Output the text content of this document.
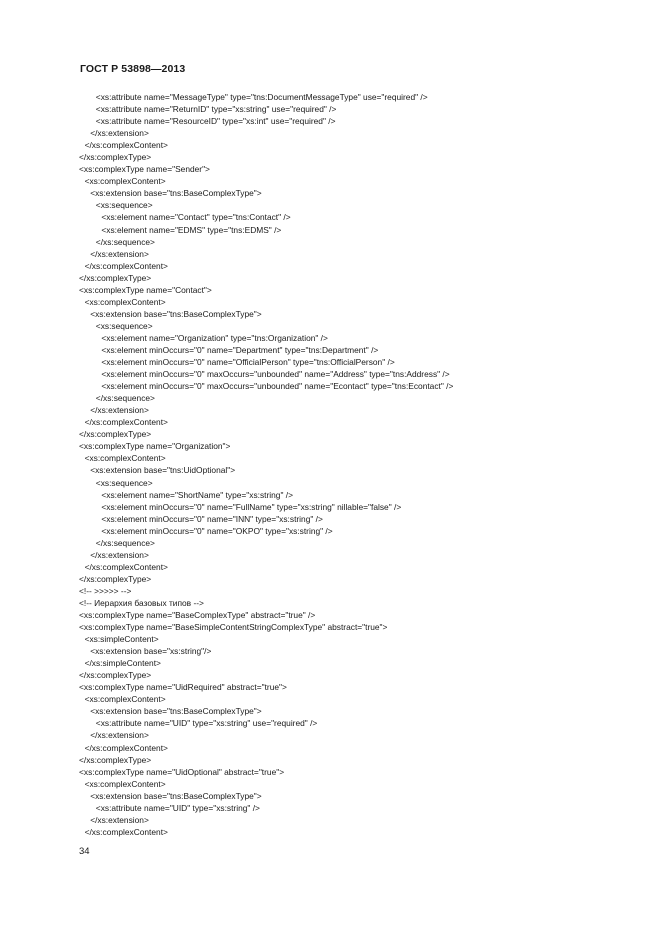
ГОСТ Р 53898—2013
<xs:attribute name="MessageType" type="tns:DocumentMessageType" use="required" />
<xs:attribute name="ReturnID" type="xs:string" use="required" />
<xs:attribute name="ResourceID" type="xs:int" use="required" />
</xs:extension>
</xs:complexContent>
</xs:complexType>
<xs:complexType name="Sender">
<xs:complexContent>
<xs:extension base="tns:BaseComplexType">
<xs:sequence>
<xs:element name="Contact" type="tns:Contact" />
<xs:element name="EDMS" type="tns:EDMS" />
</xs:sequence>
</xs:extension>
</xs:complexContent>
</xs:complexType>
<xs:complexType name="Contact">
<xs:complexContent>
<xs:extension base="tns:BaseComplexType">
<xs:sequence>
<xs:element name="Organization" type="tns:Organization" />
<xs:element minOccurs="0" name="Department" type="tns:Department" />
<xs:element minOccurs="0" name="OfficialPerson" type="tns:OfficialPerson" />
<xs:element minOccurs="0" maxOccurs="unbounded" name="Address" type="tns:Address" />
<xs:element minOccurs="0" maxOccurs="unbounded" name="Econtact" type="tns:Econtact" />
</xs:sequence>
</xs:extension>
</xs:complexContent>
</xs:complexType>
<xs:complexType name="Organization">
<xs:complexContent>
<xs:extension base="tns:UidOptional">
<xs:sequence>
<xs:element name="ShortName" type="xs:string" />
<xs:element minOccurs="0" name="FullName" type="xs:string" nillable="false" />
<xs:element minOccurs="0" name="INN" type="xs:string" />
<xs:element minOccurs="0" name="OKPO" type="xs:string" />
</xs:sequence>
</xs:extension>
</xs:complexContent>
</xs:complexType>
<!-- >>>>> -->
<!-- Иерархия базовых типов -->
<xs:complexType name="BaseComplexType" abstract="true" />
<xs:complexType name="BaseSimpleContentStringComplexType" abstract="true">
<xs:simpleContent>
<xs:extension base="xs:string"/>
</xs:simpleContent>
</xs:complexType>
<xs:complexType name="UidRequired" abstract="true">
<xs:complexContent>
<xs:extension base="tns:BaseComplexType">
<xs:attribute name="UID" type="xs:string" use="required" />
</xs:extension>
</xs:complexContent>
</xs:complexType>
<xs:complexType name="UidOptional" abstract="true">
<xs:complexContent>
<xs:extension base="tns:BaseComplexType">
<xs:attribute name="UID" type="xs:string" />
</xs:extension>
</xs:complexContent>
34
